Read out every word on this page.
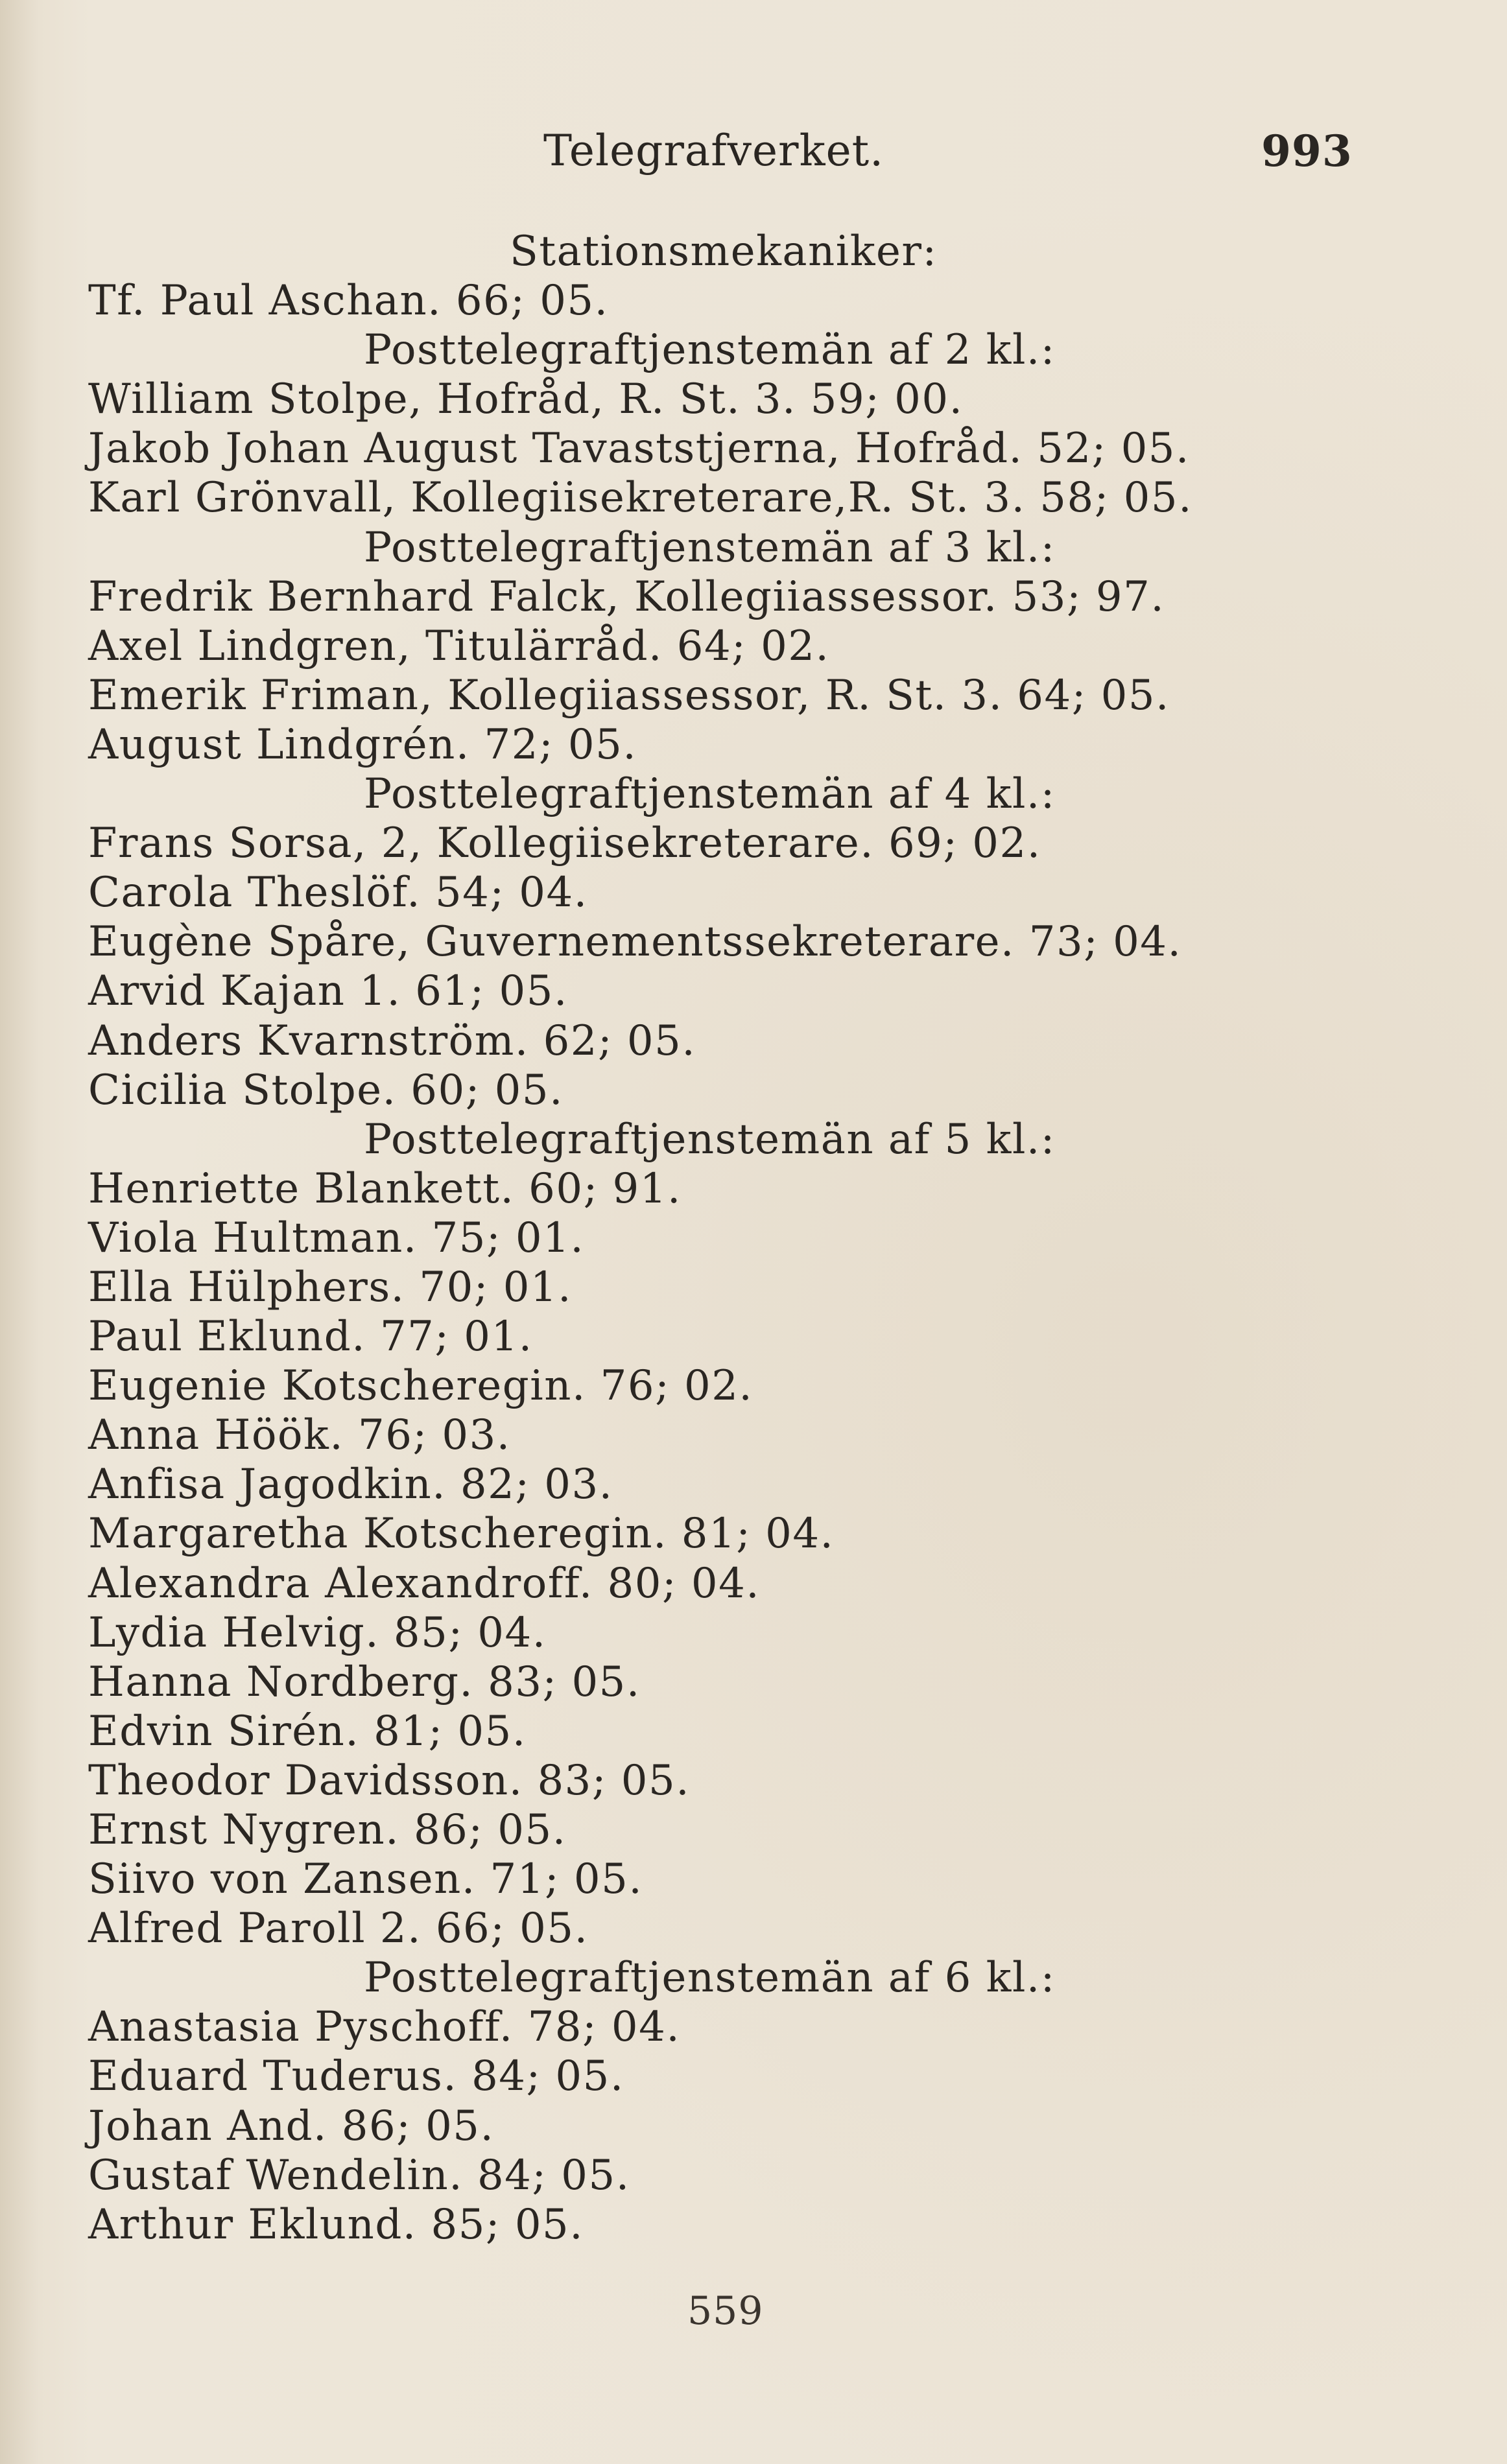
Telegrafverket.	993
Stationsmekaniker:
Tf. Paul Aschan. 66; 05.
Posttelegraftjenstemän af 2 kl.:
William Stolpe, Hofråd, R. St. 3. 59; 00.
Jakob Johan August Tavaststjerna, Hofråd. 52; 05.
Karl Grönvall, Kollegiisekreterare,R. St. 3. 58; 05.
Posttelegraftjenstemän af 3 kl.:
Fredrik Bernhard Falck, Kollegiiassessor. 53; 97.
Axel Lindgren, Titulärråd. 64; 02.
Emerik Friman, Kollegiiassessor, R. St. 3. 64; 05.
August Lindgrén. 72; 05.
Posttelegraftjenstemän af 4 kl.:
Frans Sorsa, 2, Kollegiisekreterare. 69; 02.
Carola Theslöf. 54; 04.
Eugène Spåre, Guvernementssekreterare. 73; 04.
Arvid Kajan 1. 61; 05.
Anders Kvarnström. 62; 05.
Cicilia Stolpe. 60; 05.
Posttelegraftjenstemän af 5 kl.:
Henriette Blankett. 60; 91.
Viola Hultman. 75; 01.
Ella Hülphers. 70; 01.
Paul Eklund. 77; 01.
Eugenie Kotscheregin. 76; 02.
Anna Höök. 76; 03.
Anfisa Jagodkin. 82; 03.
Margaretha Kotscheregin. 81; 04.
Alexandra Alexandroff. 80; 04.
Lydia Helvig. 85; 04.
Hanna Nordberg. 83; 05.
Edvin Sirén. 81; 05.
Theodor Davidsson. 83; 05.
Ernst Nygren. 86; 05.
Siivo von Zansen. 71; 05.
Alfred Paroll 2. 66; 05.
Posttelegraftjenstemän af 6 kl.:
Anastasia Pyschoff. 78; 04.
Eduard Tuderus. 84; 05.
Johan And. 86; 05.
Gustaf Wendelin. 84; 05.
Arthur Eklund. 85; 05.
559
